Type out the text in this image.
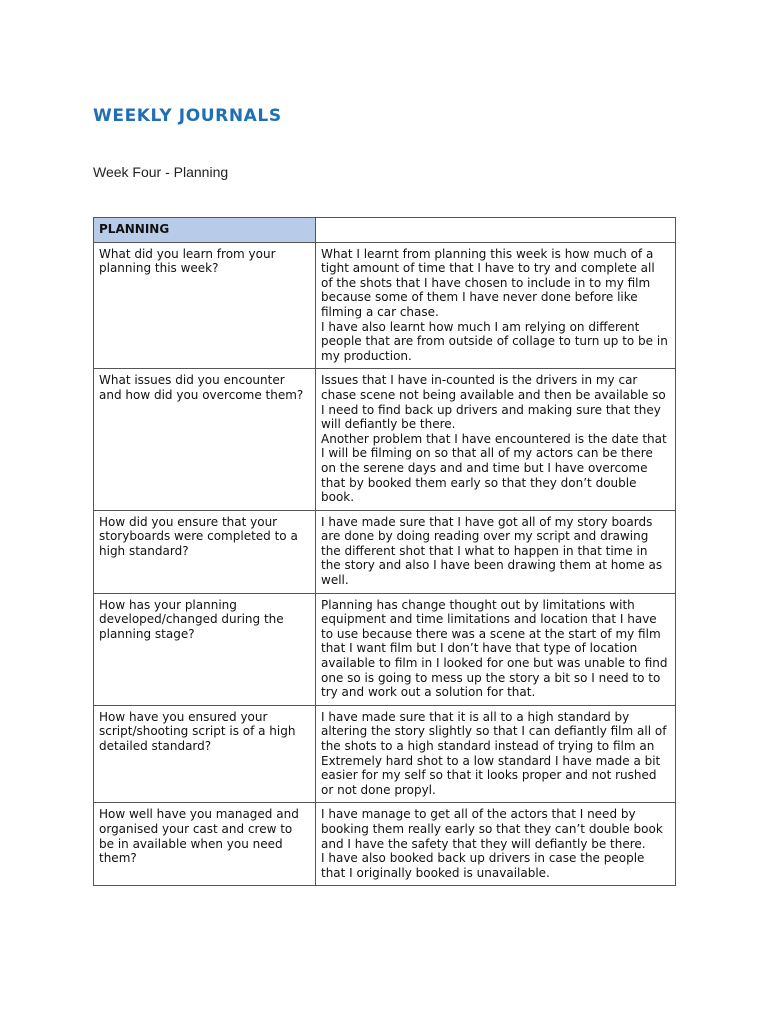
WEEKLY JOURNALS
Week Four - Planning
PLANNING	
What did you learn from your planning this week?	What I learnt from planning this week is how much of a tight amount of time that I have to try and complete all of the shots that I have chosen to include in to my film because some of them I have never done before like filming a car chase.

I have also learnt how much I am relying on different people that are from outside of collage to turn up to be in my production.

What issues did you encounter and how did you overcome them?	Issues that I have in-counted is the drivers in my car chase scene not being available and then be available so I need to find back up drivers and making sure that they will defiantly be there.

Another problem that I have encountered is the date that I will be filming on so that all of my actors can be there on the serene days and and time but I have overcome that by booked them early so that they don’t double book.

How did you ensure that your storyboards were completed to a high standard?	I have made sure that I have got all of my story boards are done by doing reading over my script and drawing the different shot that I what to happen in that time in the story and also I have been drawing them at home as well.

How has your planning developed/changed during the planning stage?	Planning has change thought out by limitations with equipment and time limitations and location that I have to use because there was a scene at the start of my film that I want film but I don’t have that type of location available to film in I looked for one but was unable to find one so is going to mess up the story a bit so I need to to try and work out a solution for that.

How have you ensured your script/shooting script is of a high detailed standard?	I have made sure that it is all to a high standard by altering the story slightly so that I can defiantly film all of the shots to a high standard instead of trying to film an Extremely hard shot to a low standard I have made a bit easier for my self so that it looks proper and not rushed or not done propyl.

How well have you managed and organised your cast and crew to be in available when you need them?	I have manage to get all of the actors that I need by booking them really early so that they can’t double book and I have the safety that they will defiantly be there.

I have also booked back up drivers in case the people that I originally booked is unavailable.
